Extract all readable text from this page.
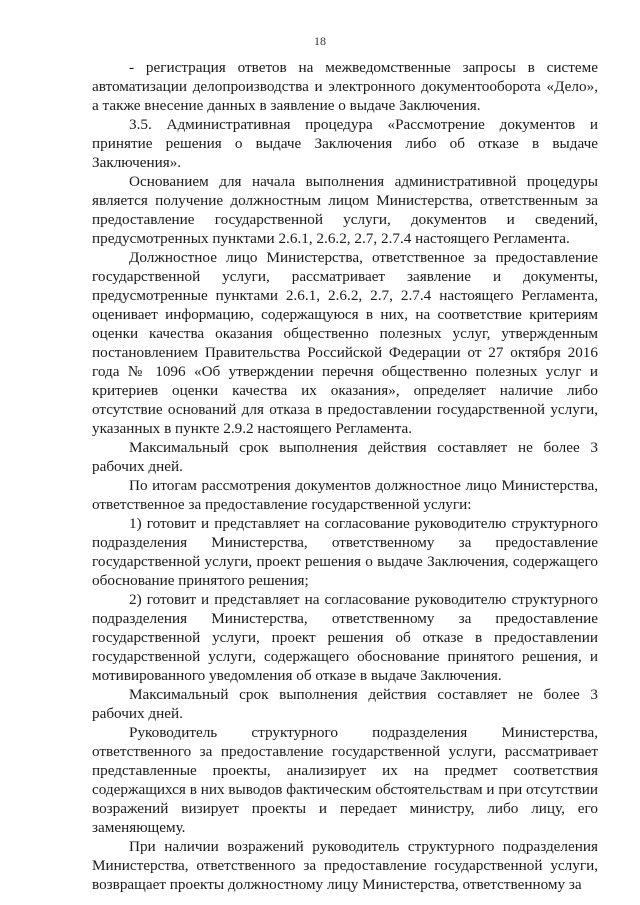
18

- регистрация ответов на межведомственные запросы в системе автоматизации делопроизводства и электронного документооборота «Дело», а также внесение данных в заявление о выдаче Заключения.

3.5. Административная процедура «Рассмотрение документов и принятие решения о выдаче Заключения либо об отказе в выдаче Заключения».

Основанием для начала выполнения административной процедуры является получение должностным лицом Министерства, ответственным за предоставление государственной услуги, документов и сведений, предусмотренных пунктами 2.6.1, 2.6.2, 2.7, 2.7.4 настоящего Регламента.

Должностное лицо Министерства, ответственное за предоставление государственной услуги, рассматривает заявление и документы, предусмотренные пунктами 2.6.1, 2.6.2, 2.7, 2.7.4 настоящего Регламента, оценивает информацию, содержащуюся в них, на соответствие критериям оценки качества оказания общественно полезных услуг, утвержденным постановлением Правительства Российской Федерации от 27 октября 2016 года № 1096 «Об утверждении перечня общественно полезных услуг и критериев оценки качества их оказания», определяет наличие либо отсутствие оснований для отказа в предоставлении государственной услуги, указанных в пункте 2.9.2 настоящего Регламента.

Максимальный срок выполнения действия составляет не более 3 рабочих дней.

По итогам рассмотрения документов должностное лицо Министерства, ответственное за предоставление государственной услуги:

1) готовит и представляет на согласование руководителю структурного подразделения Министерства, ответственному за предоставление государственной услуги, проект решения о выдаче Заключения, содержащего обоснование принятого решения;

2) готовит и представляет на согласование руководителю структурного подразделения Министерства, ответственному за предоставление государственной услуги, проект решения об отказе в предоставлении государственной услуги, содержащего обоснование принятого решения, и мотивированного уведомления об отказе в выдаче Заключения.

Максимальный срок выполнения действия составляет не более 3 рабочих дней.

Руководитель структурного подразделения Министерства, ответственного за предоставление государственной услуги, рассматривает представленные проекты, анализирует их на предмет соответствия содержащихся в них выводов фактическим обстоятельствам и при отсутствии возражений визирует проекты и передает министру, либо лицу, его заменяющему.

При наличии возражений руководитель структурного подразделения Министерства, ответственного за предоставление государственной услуги, возвращает проекты должностному лицу Министерства, ответственному за
